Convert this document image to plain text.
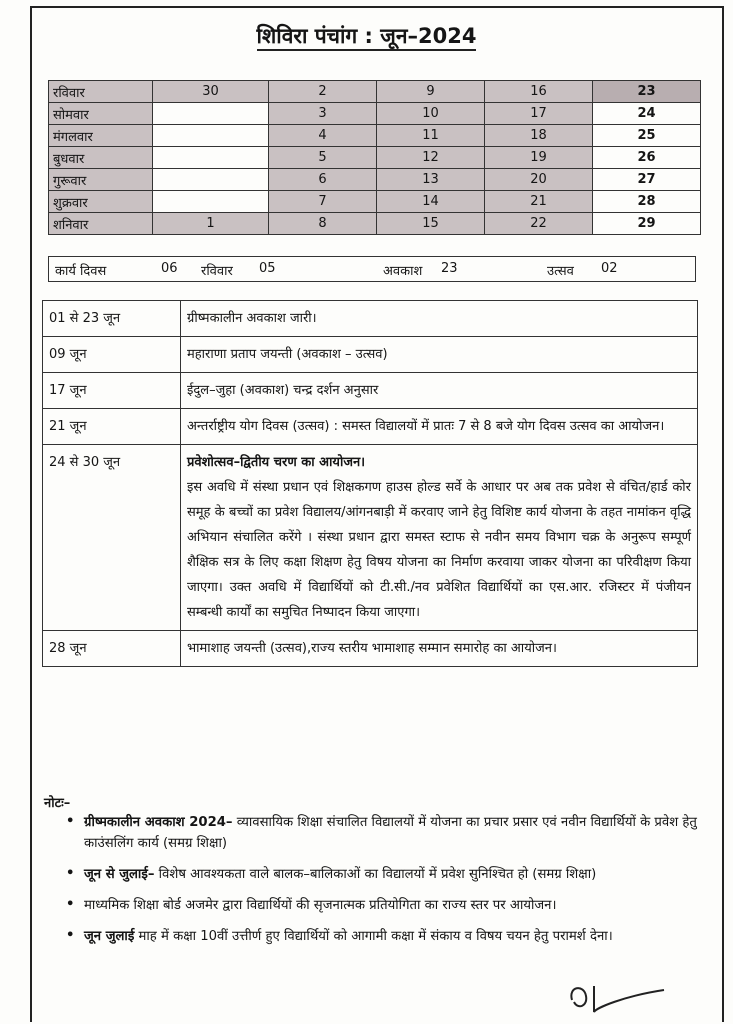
शिविरा पंचांग : जून–2024
रविवार	30	2	9	16	23
सोमवार		3	10	17	24
मंगलवार		4	11	18	25
बुधवार		5	12	19	26
गुरूवार		6	13	20	27
शुक्रवार		7	14	21	28
शनिवार	1	8	15	22	29
कार्य दिवस	06 रविवार 05	अवकाश 23	उत्सव 02
01 से 23 जून	ग्रीष्मकालीन अवकाश जारी।
09 जून	महाराणा प्रताप जयन्ती (अवकाश – उत्सव)
17 जून	ईदुल–जुहा (अवकाश) चन्द्र दर्शन अनुसार
21 जून	अन्तर्राष्ट्रीय योग दिवस (उत्सव) : समस्त विद्यालयों में प्रातः 7 से 8 बजे योग दिवस उत्सव का आयोजन।

24 से 30 जून	प्रवेशोत्सव–द्वितीय चरण का आयोजन।

इस अवधि में संस्था प्रधान एवं शिक्षकगण हाउस होल्ड सर्वे के आधार पर अब तक प्रवेश से वंचित/हार्ड कोर समूह के बच्चों का प्रवेश विद्यालय/आंगनबाड़ी में करवाए जाने हेतु विशिष्ट कार्य योजना के तहत नामांकन वृद्धि अभियान संचालित करेंगे । संस्था प्रधान द्वारा समस्त स्टाफ से नवीन समय विभाग चक्र के अनुरूप सम्पूर्ण शैक्षिक सत्र के लिए कक्षा शिक्षण हेतु विषय योजना का निर्माण करवाया जाकर योजना का परिवीक्षण किया जाएगा। उक्त अवधि में विद्यार्थियों को टी.सी./नव प्रवेशित विद्यार्थियों का एस.आर. रजिस्टर में पंजीयन सम्बन्धी कार्यों का समुचित निष्पादन किया जाएगा।

28 जून	भामाशाह जयन्ती (उत्सव),राज्य स्तरीय भामाशाह सम्मान समारोह का आयोजन।
नोटः–
• ग्रीष्मकालीन अवकाश 2024– व्यावसायिक शिक्षा संचालित विद्यालयों में योजना का प्रचार प्रसार एवं नवीन विद्यार्थियों के प्रवेश हेतु काउंसलिंग कार्य (समग्र शिक्षा)
• जून से जुलाई– विशेष आवश्यकता वाले बालक–बालिकाओं का विद्यालयों में प्रवेश सुनिश्चित हो (समग्र शिक्षा)
• माध्यमिक शिक्षा बोर्ड अजमेर द्वारा विद्यार्थियों की सृजनात्मक प्रतियोगिता का राज्य स्तर पर आयोजन।
• जून जुलाई माह में कक्षा 10वीं उत्तीर्ण हुए विद्यार्थियों को आगामी कक्षा में संकाय व विषय चयन हेतु परामर्श देना।
